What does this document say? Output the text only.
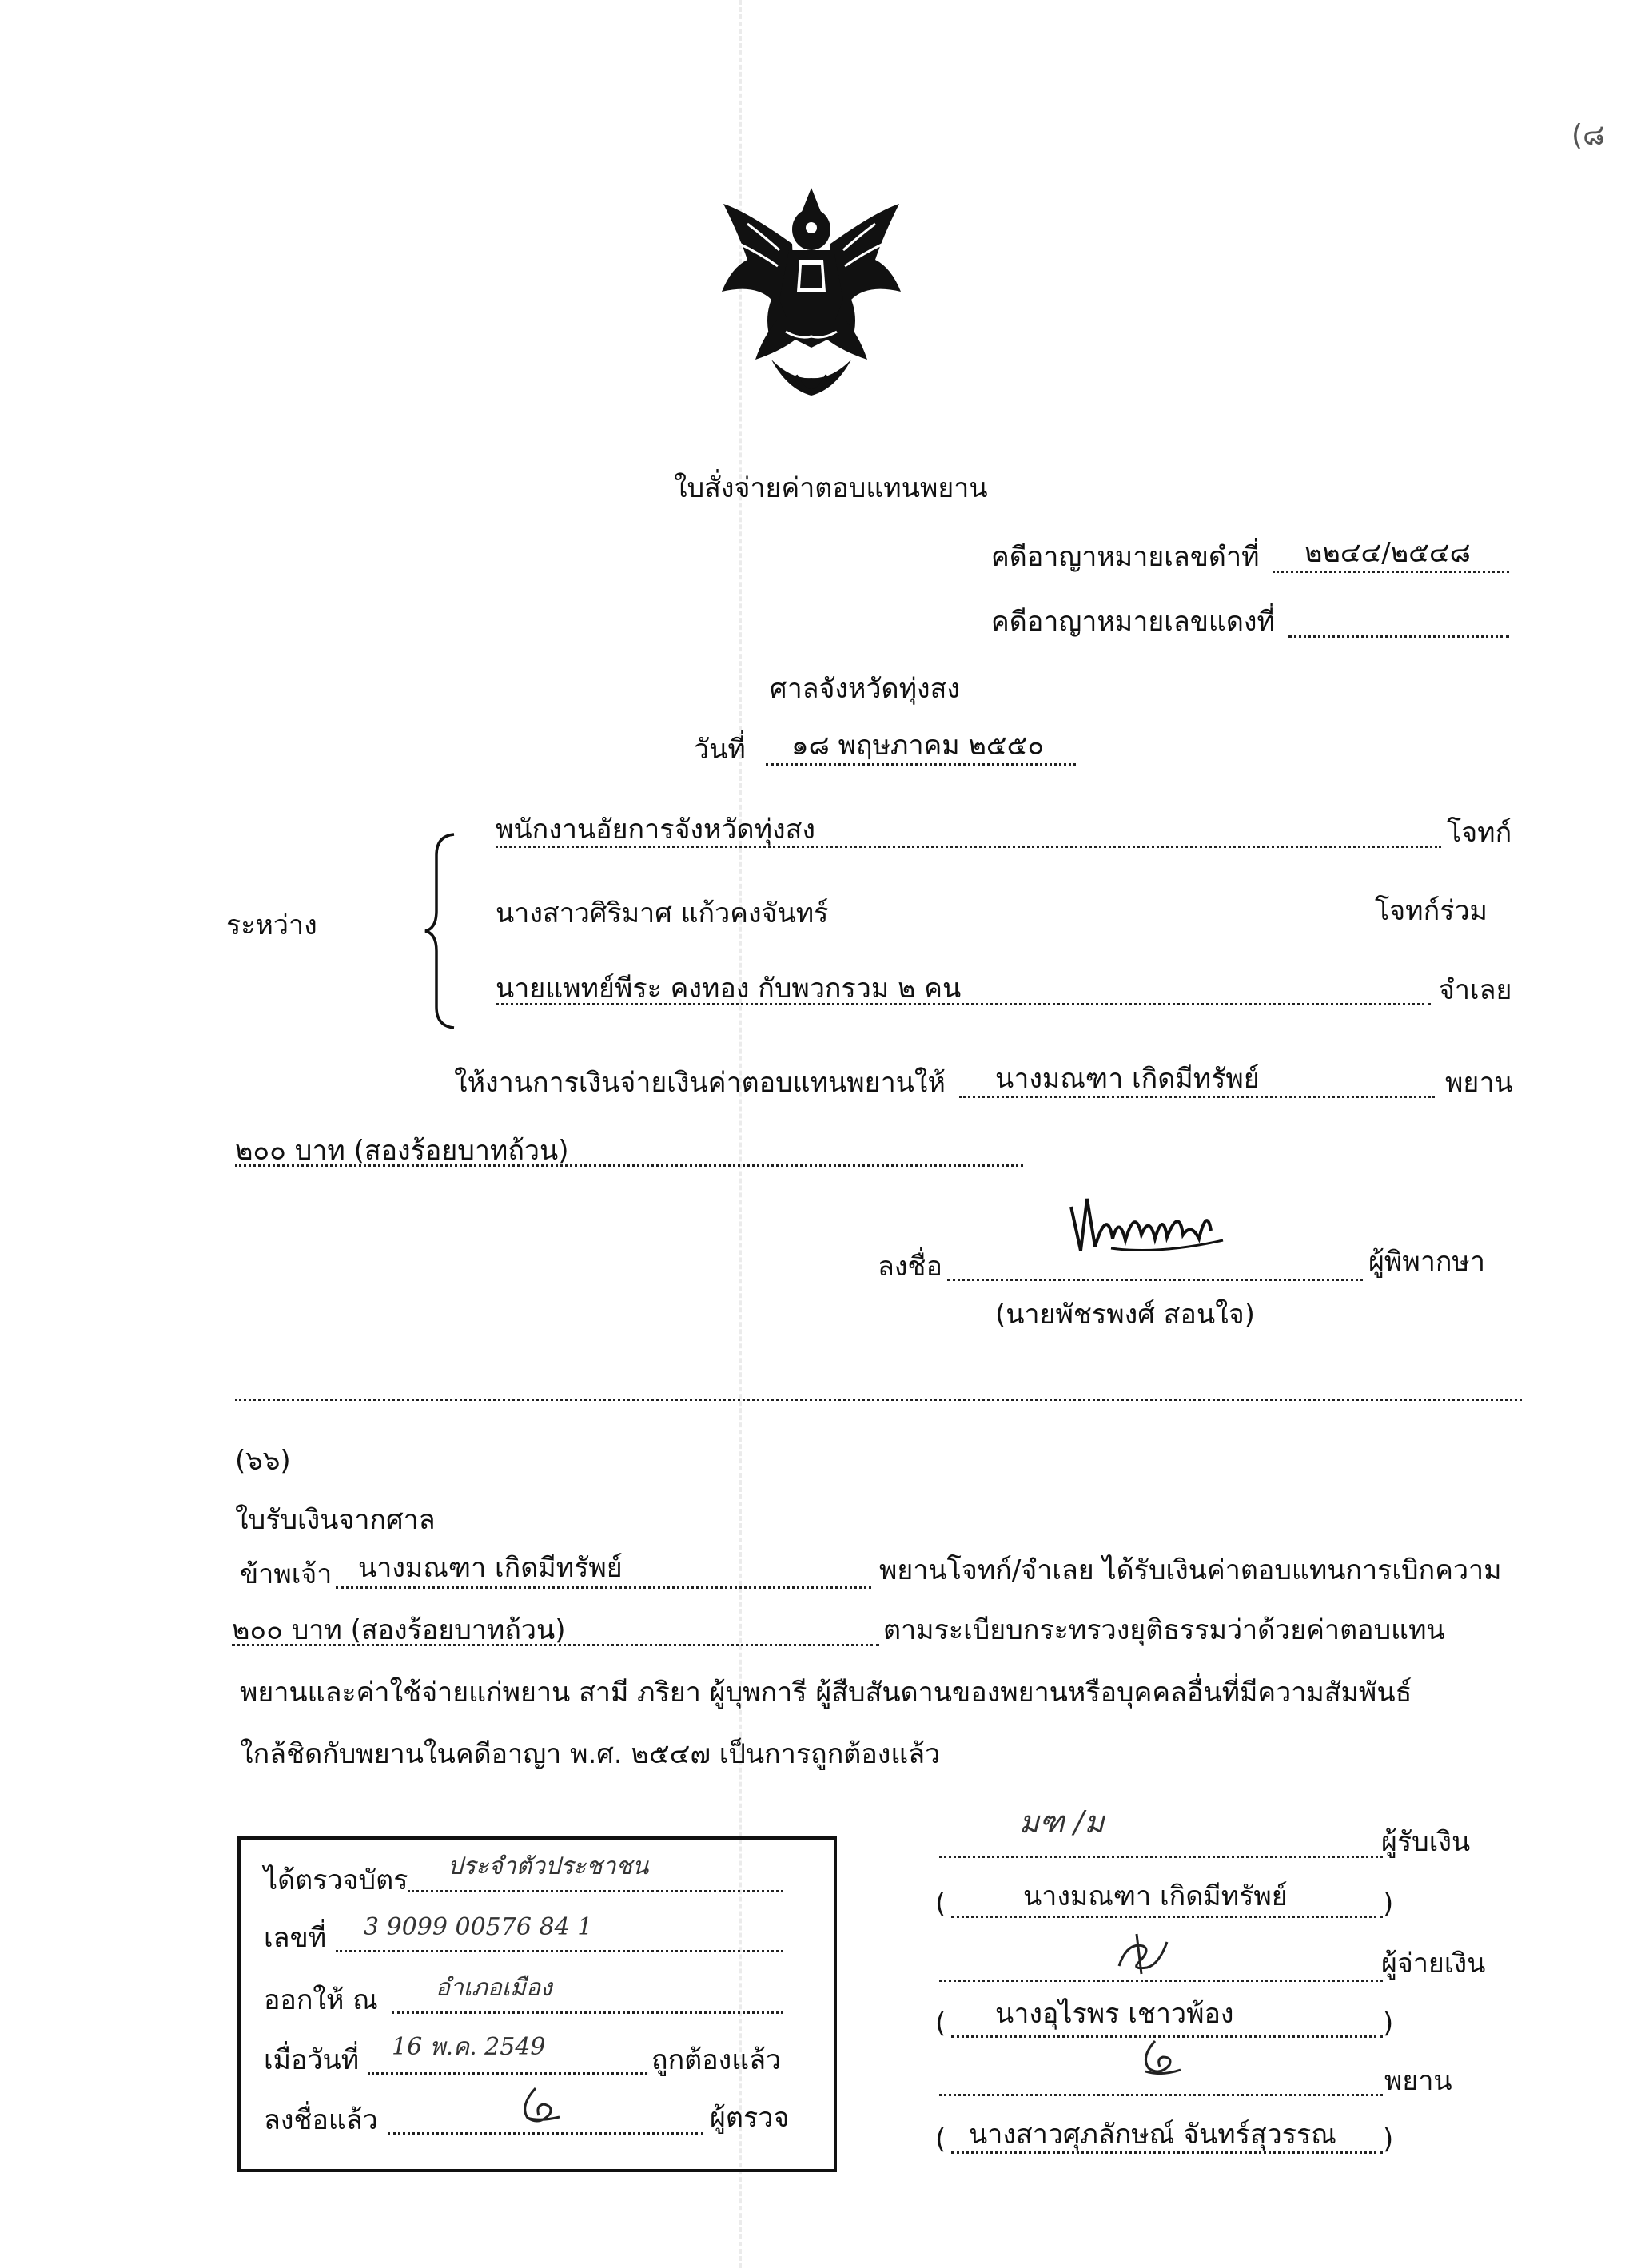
(๘
ใบสั่งจ่ายค่าตอบแทนพยาน
คดีอาญาหมายเลขดำที่ ๒๒๔๔/๒๕๔๘
คดีอาญาหมายเลขแดงที่
ศาลจังหวัดทุ่งสง
วันที่ ๑๘ พฤษภาคม ๒๕๕๐
ระหว่าง
พนักงานอัยการจังหวัดทุ่งสง	โจทก์
นางสาวศิริมาศ แก้วคงจันทร์	โจทก์ร่วม
นายแพทย์พีระ คงทอง กับพวกรวม ๒ คน	จำเลย
ให้งานการเงินจ่ายเงินค่าตอบแทนพยานให้ นางมณฑา เกิดมีทรัพย์	พยาน
๒๐๐ บาท (สองร้อยบาทถ้วน)
ลงชื่อ	ผู้พิพากษา
(นายพัชรพงศ์ สอนใจ)
(๖๖)
ใบรับเงินจากศาล
ข้าพเจ้า นางมณฑา เกิดมีทรัพย์	พยานโจทก์/จำเลย ได้รับเงินค่าตอบแทนการเบิกความ
๒๐๐ บาท (สองร้อยบาทถ้วน)	ตามระเบียบกระทรวงยุติธรรมว่าด้วยค่าตอบแทน
พยานและค่าใช้จ่ายแก่พยาน สามี ภริยา ผู้บุพการี ผู้สืบสันดานของพยานหรือบุคคลอื่นที่มีความสัมพันธ์
ใกล้ชิดกับพยานในคดีอาญา พ.ศ. ๒๕๔๗ เป็นการถูกต้องแล้ว
ได้ตรวจบัตร ประจำตัวประชาชน
เลขที่ 3 9099 00576 84 1
ออกให้ ณ อำเภอเมือง
เมื่อวันที่ 16 พ.ค. 2549	ถูกต้องแล้ว
ลงชื่อแล้ว	ผู้ตรวจ
มฑ /ม
ผู้รับเงิน
(	นางมณฑา เกิดมีทรัพย์	)
ผู้จ่ายเงิน
( นางอุไรพร เชาวพ้อง	)
พยาน
( นางสาวศุภลักษณ์ จันทร์สุวรรณ )
